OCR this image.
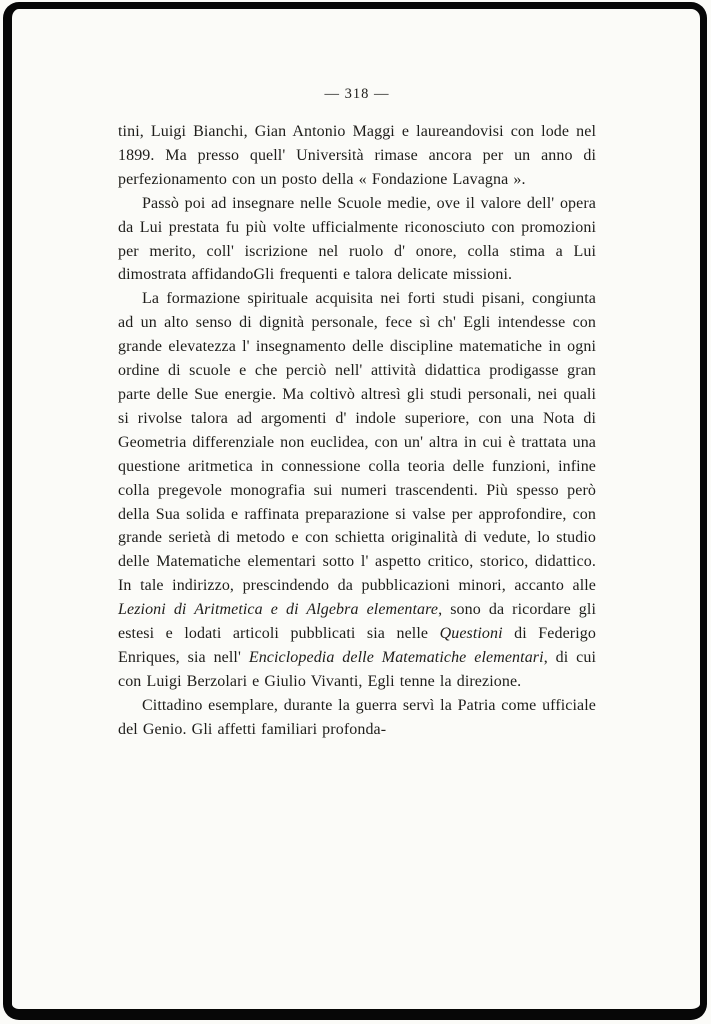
— 318 —

tini, Luigi Bianchi, Gian Antonio Maggi e laureandovisi con lode nel 1899. Ma presso quell' Università rimase ancora per un anno di perfezionamento con un posto della « Fondazione Lavagna ».

Passò poi ad insegnare nelle Scuole medie, ove il valore dell' opera da Lui prestata fu più volte ufficialmente riconosciuto con promozioni per merito, coll' iscrizione nel ruolo d' onore, colla stima a Lui dimostrata affidandoGli frequenti e talora delicate missioni.

La formazione spirituale acquisita nei forti studi pisani, congiunta ad un alto senso di dignità personale, fece sì ch' Egli intendesse con grande elevatezza l' insegnamento delle discipline matematiche in ogni ordine di scuole e che perciò nell' attività didattica prodigasse gran parte delle Sue energie. Ma coltivò altresì gli studi personali, nei quali si rivolse talora ad argomenti d' indole superiore, con una Nota di Geometria differenziale non euclidea, con un' altra in cui è trattata una questione aritmetica in connessione colla teoria delle funzioni, infine colla pregevole monografia sui numeri trascendenti. Più spesso però della Sua solida e raffinata preparazione si valse per approfondire, con grande serietà di metodo e con schietta originalità di vedute, lo studio delle Matematiche elementari sotto l' aspetto critico, storico, didattico. In tale indirizzo, prescindendo da pubblicazioni minori, accanto alle Lezioni di Aritmetica e di Algebra elementare, sono da ricordare gli estesi e lodati articoli pubblicati sia nelle Questioni di Federigo Enriques, sia nell' Enciclopedia delle Matematiche elementari, di cui con Luigi Berzolari e Giulio Vivanti, Egli tenne la direzione.

Cittadino esemplare, durante la guerra servì la Patria come ufficiale del Genio. Gli affetti familiari profonda-
